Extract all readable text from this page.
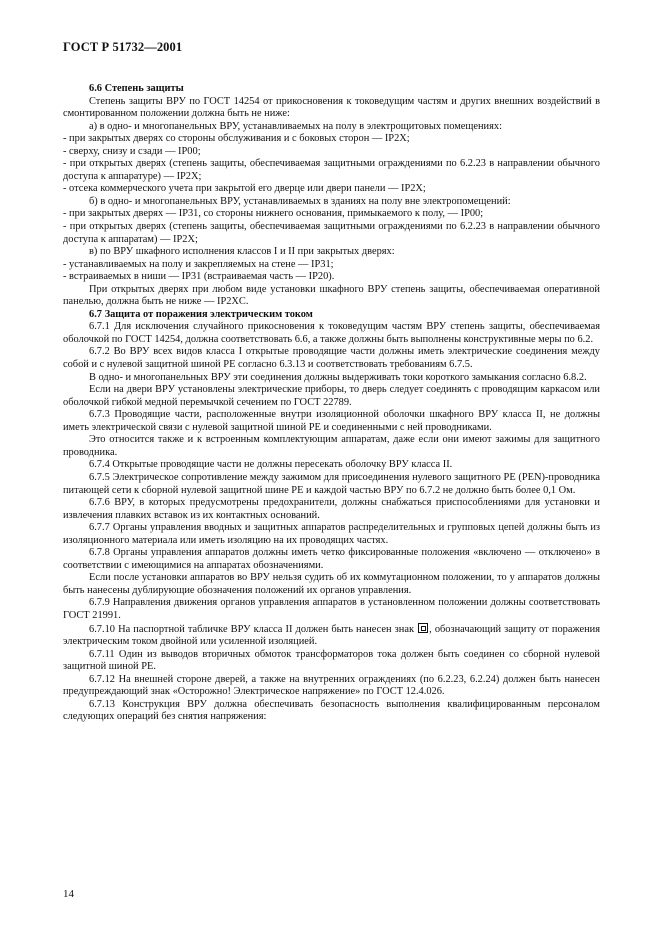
ГОСТ Р 51732—2001

6.6 Степень защиты

Степень защиты ВРУ по ГОСТ 14254 от прикосновения к токоведущим частям и других внешних воздействий в смонтированном положении должна быть не ниже:

а) в одно- и многопанельных ВРУ, устанавливаемых на полу в электрощитовых помещениях:

- при закрытых дверях со стороны обслуживания и с боковых сторон — IP2X;

- сверху, снизу и сзади — IP00;

- при открытых дверях (степень защиты, обеспечиваемая защитными ограждениями по 6.2.23 в направлении обычного доступа к аппаратуре) — IP2X;

- отсека коммерческого учета при закрытой его дверце или двери панели — IP2X;

б) в одно- и многопанельных ВРУ, устанавливаемых в зданиях на полу вне электропомещений:

- при закрытых дверях — IP31, со стороны нижнего основания, примыкаемого к полу, — IP00;

- при открытых дверях (степень защиты, обеспечиваемая защитными ограждениями по 6.2.23 в направлении обычного доступа к аппаратам) — IP2X;

в) по ВРУ шкафного исполнения классов I и II при закрытых дверях:

- устанавливаемых на полу и закрепляемых на стене — IP31;

- встраиваемых в ниши — IP31 (встраиваемая часть — IP20).

При открытых дверях при любом виде установки шкафного ВРУ степень защиты, обеспечиваемая оперативной панелью, должна быть не ниже — IP2XC.

6.7 Защита от поражения электрическим током

6.7.1 Для исключения случайного прикосновения к токоведущим частям ВРУ степень защиты, обеспечиваемая оболочкой по ГОСТ 14254, должна соответствовать 6.6, а также должны быть выполнены конструктивные меры по 6.2.

6.7.2 Во ВРУ всех видов класса I открытые проводящие части должны иметь электрические соединения между собой и с нулевой защитной шиной РЕ согласно 6.3.13 и соответствовать требованиям 6.7.5.

В одно- и многопанельных ВРУ эти соединения должны выдерживать токи короткого замыкания согласно 6.8.2.

Если на двери ВРУ установлены электрические приборы, то дверь следует соединять с проводящим каркасом или оболочкой гибкой медной перемычкой сечением по ГОСТ 22789.

6.7.3 Проводящие части, расположенные внутри изоляционной оболочки шкафного ВРУ класса II, не должны иметь электрической связи с нулевой защитной шиной РЕ и соединенными с ней проводниками.

Это относится также и к встроенным комплектующим аппаратам, даже если они имеют зажимы для защитного проводника.

6.7.4 Открытые проводящие части не должны пересекать оболочку ВРУ класса II.

6.7.5 Электрическое сопротивление между зажимом для присоединения нулевого защитного РЕ (PEN)-проводника питающей сети к сборной нулевой защитной шине РЕ и каждой частью ВРУ по 6.7.2 не должно быть более 0,1 Ом.

6.7.6 ВРУ, в которых предусмотрены предохранители, должны снабжаться приспособлениями для установки и извлечения плавких вставок из их контактных оснований.

6.7.7 Органы управления вводных и защитных аппаратов распределительных и групповых цепей должны быть из изоляционного материала или иметь изоляцию на их проводящих частях.

6.7.8 Органы управления аппаратов должны иметь четко фиксированные положения «включено — отключено» в соответствии с имеющимися на аппаратах обозначениями.

Если после установки аппаратов во ВРУ нельзя судить об их коммутационном положении, то у аппаратов должны быть нанесены дублирующие обозначения положений их органов управления.

6.7.9 Направления движения органов управления аппаратов в установленном положении должны соответствовать ГОСТ 21991.

6.7.10 На паспортной табличке ВРУ класса II должен быть нанесен знак , обозначающий защиту от поражения электрическим током двойной или усиленной изоляцией.

6.7.11 Один из выводов вторичных обмоток трансформаторов тока должен быть соединен со сборной нулевой защитной шиной РЕ.

6.7.12 На внешней стороне дверей, а также на внутренних ограждениях (по 6.2.23, 6.2.24) должен быть нанесен предупреждающий знак «Осторожно! Электрическое напряжение» по ГОСТ 12.4.026.

6.7.13 Конструкция ВРУ должна обеспечивать безопасность выполнения квалифицированным персоналом следующих операций без снятия напряжения:

14
